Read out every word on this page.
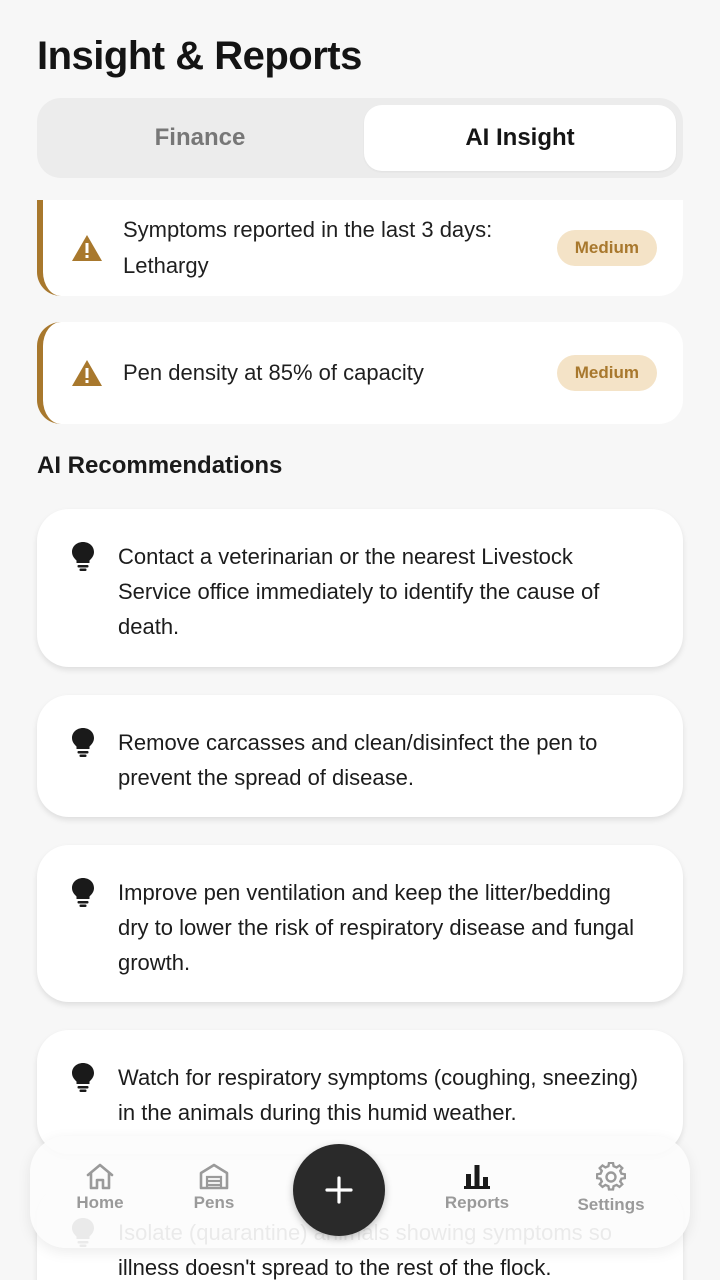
Insight & Reports
Finance	AI Insight
Symptoms reported in the last 3 days: Lethargy
Medium
Pen density at 85% of capacity	Medium
AI Recommendations
Contact a veterinarian or the nearest Livestock Service office immediately to identify the cause of death.
Remove carcasses and clean/disinfect the pen to prevent the spread of disease.
Improve pen ventilation and keep the litter/bedding dry to lower the risk of respiratory disease and fungal growth.
Watch for respiratory symptoms (coughing, sneezing) in the animals during this humid weather.
illness doesn't spread to the rest of the flock.
Home	Pens	Reports	Settings
